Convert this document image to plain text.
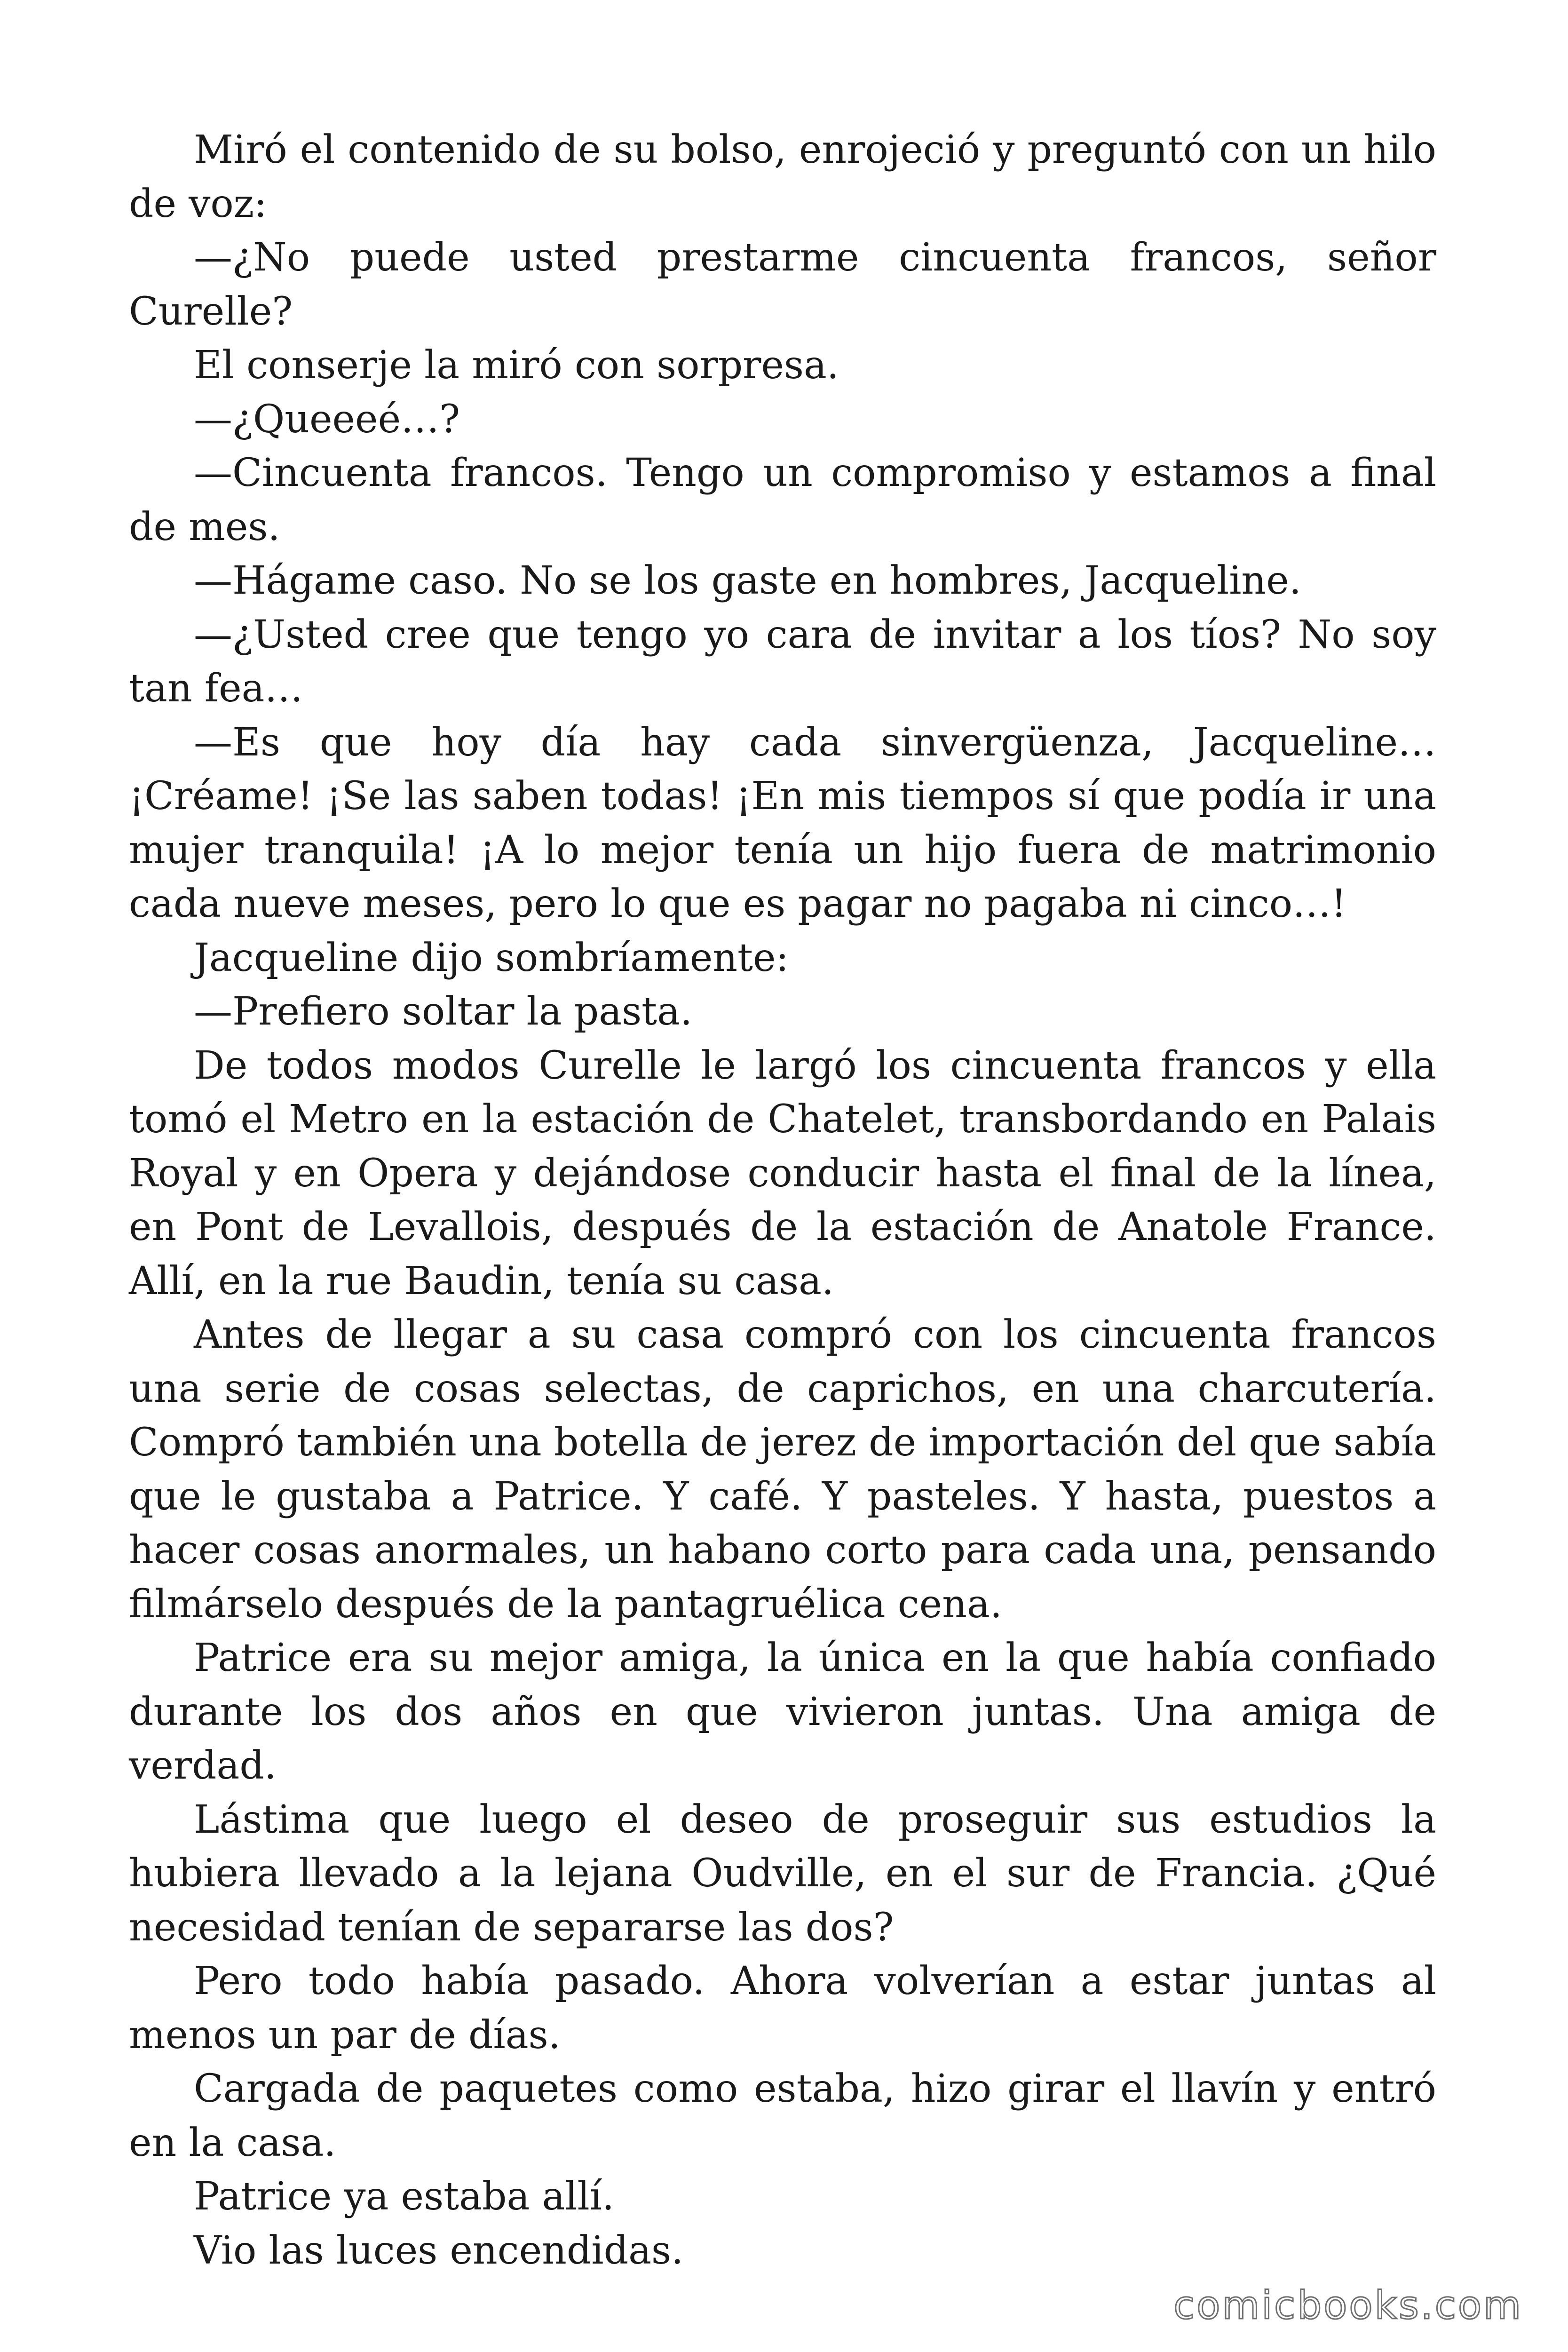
Miró el contenido de su bolso, enrojeció y preguntó con un hilo de voz:

—¿No puede usted prestarme cincuenta francos, señor Curelle?

El conserje la miró con sorpresa.

—¿Queeeé…?

—Cincuenta francos. Tengo un compromiso y estamos a final de mes.

—Hágame caso. No se los gaste en hombres, Jacqueline.

—¿Usted cree que tengo yo cara de invitar a los tíos? No soy tan fea…

—Es que hoy día hay cada sinvergüenza, Jacqueline… ¡Créame! ¡Se las saben todas! ¡En mis tiempos sí que podía ir una mujer tranquila! ¡A lo mejor tenía un hijo fuera de matrimonio cada nueve meses, pero lo que es pagar no pagaba ni cinco…!

Jacqueline dijo sombríamente:

—Prefiero soltar la pasta.

De todos modos Curelle le largó los cincuenta francos y ella tomó el Metro en la estación de Chatelet, transbordando en Palais Royal y en Opera y dejándose conducir hasta el final de la línea, en Pont de Levallois, después de la estación de Anatole France. Allí, en la rue Baudin, tenía su casa.

Antes de llegar a su casa compró con los cincuenta francos una serie de cosas selectas, de caprichos, en una charcutería. Compró también una botella de jerez de importación del que sabía que le gustaba a Patrice. Y café. Y pasteles. Y hasta, puestos a hacer cosas anormales, un habano corto para cada una, pensando filmárselo después de la pantagruélica cena.

Patrice era su mejor amiga, la única en la que había confiado durante los dos años en que vivieron juntas. Una amiga de verdad.

Lástima que luego el deseo de proseguir sus estudios la hubiera llevado a la lejana Oudville, en el sur de Francia. ¿Qué necesidad tenían de separarse las dos?

Pero todo había pasado. Ahora volverían a estar juntas al menos un par de días.

Cargada de paquetes como estaba, hizo girar el llavín y entró en la casa.

Patrice ya estaba allí.

Vio las luces encendidas.

comicbooks.com
